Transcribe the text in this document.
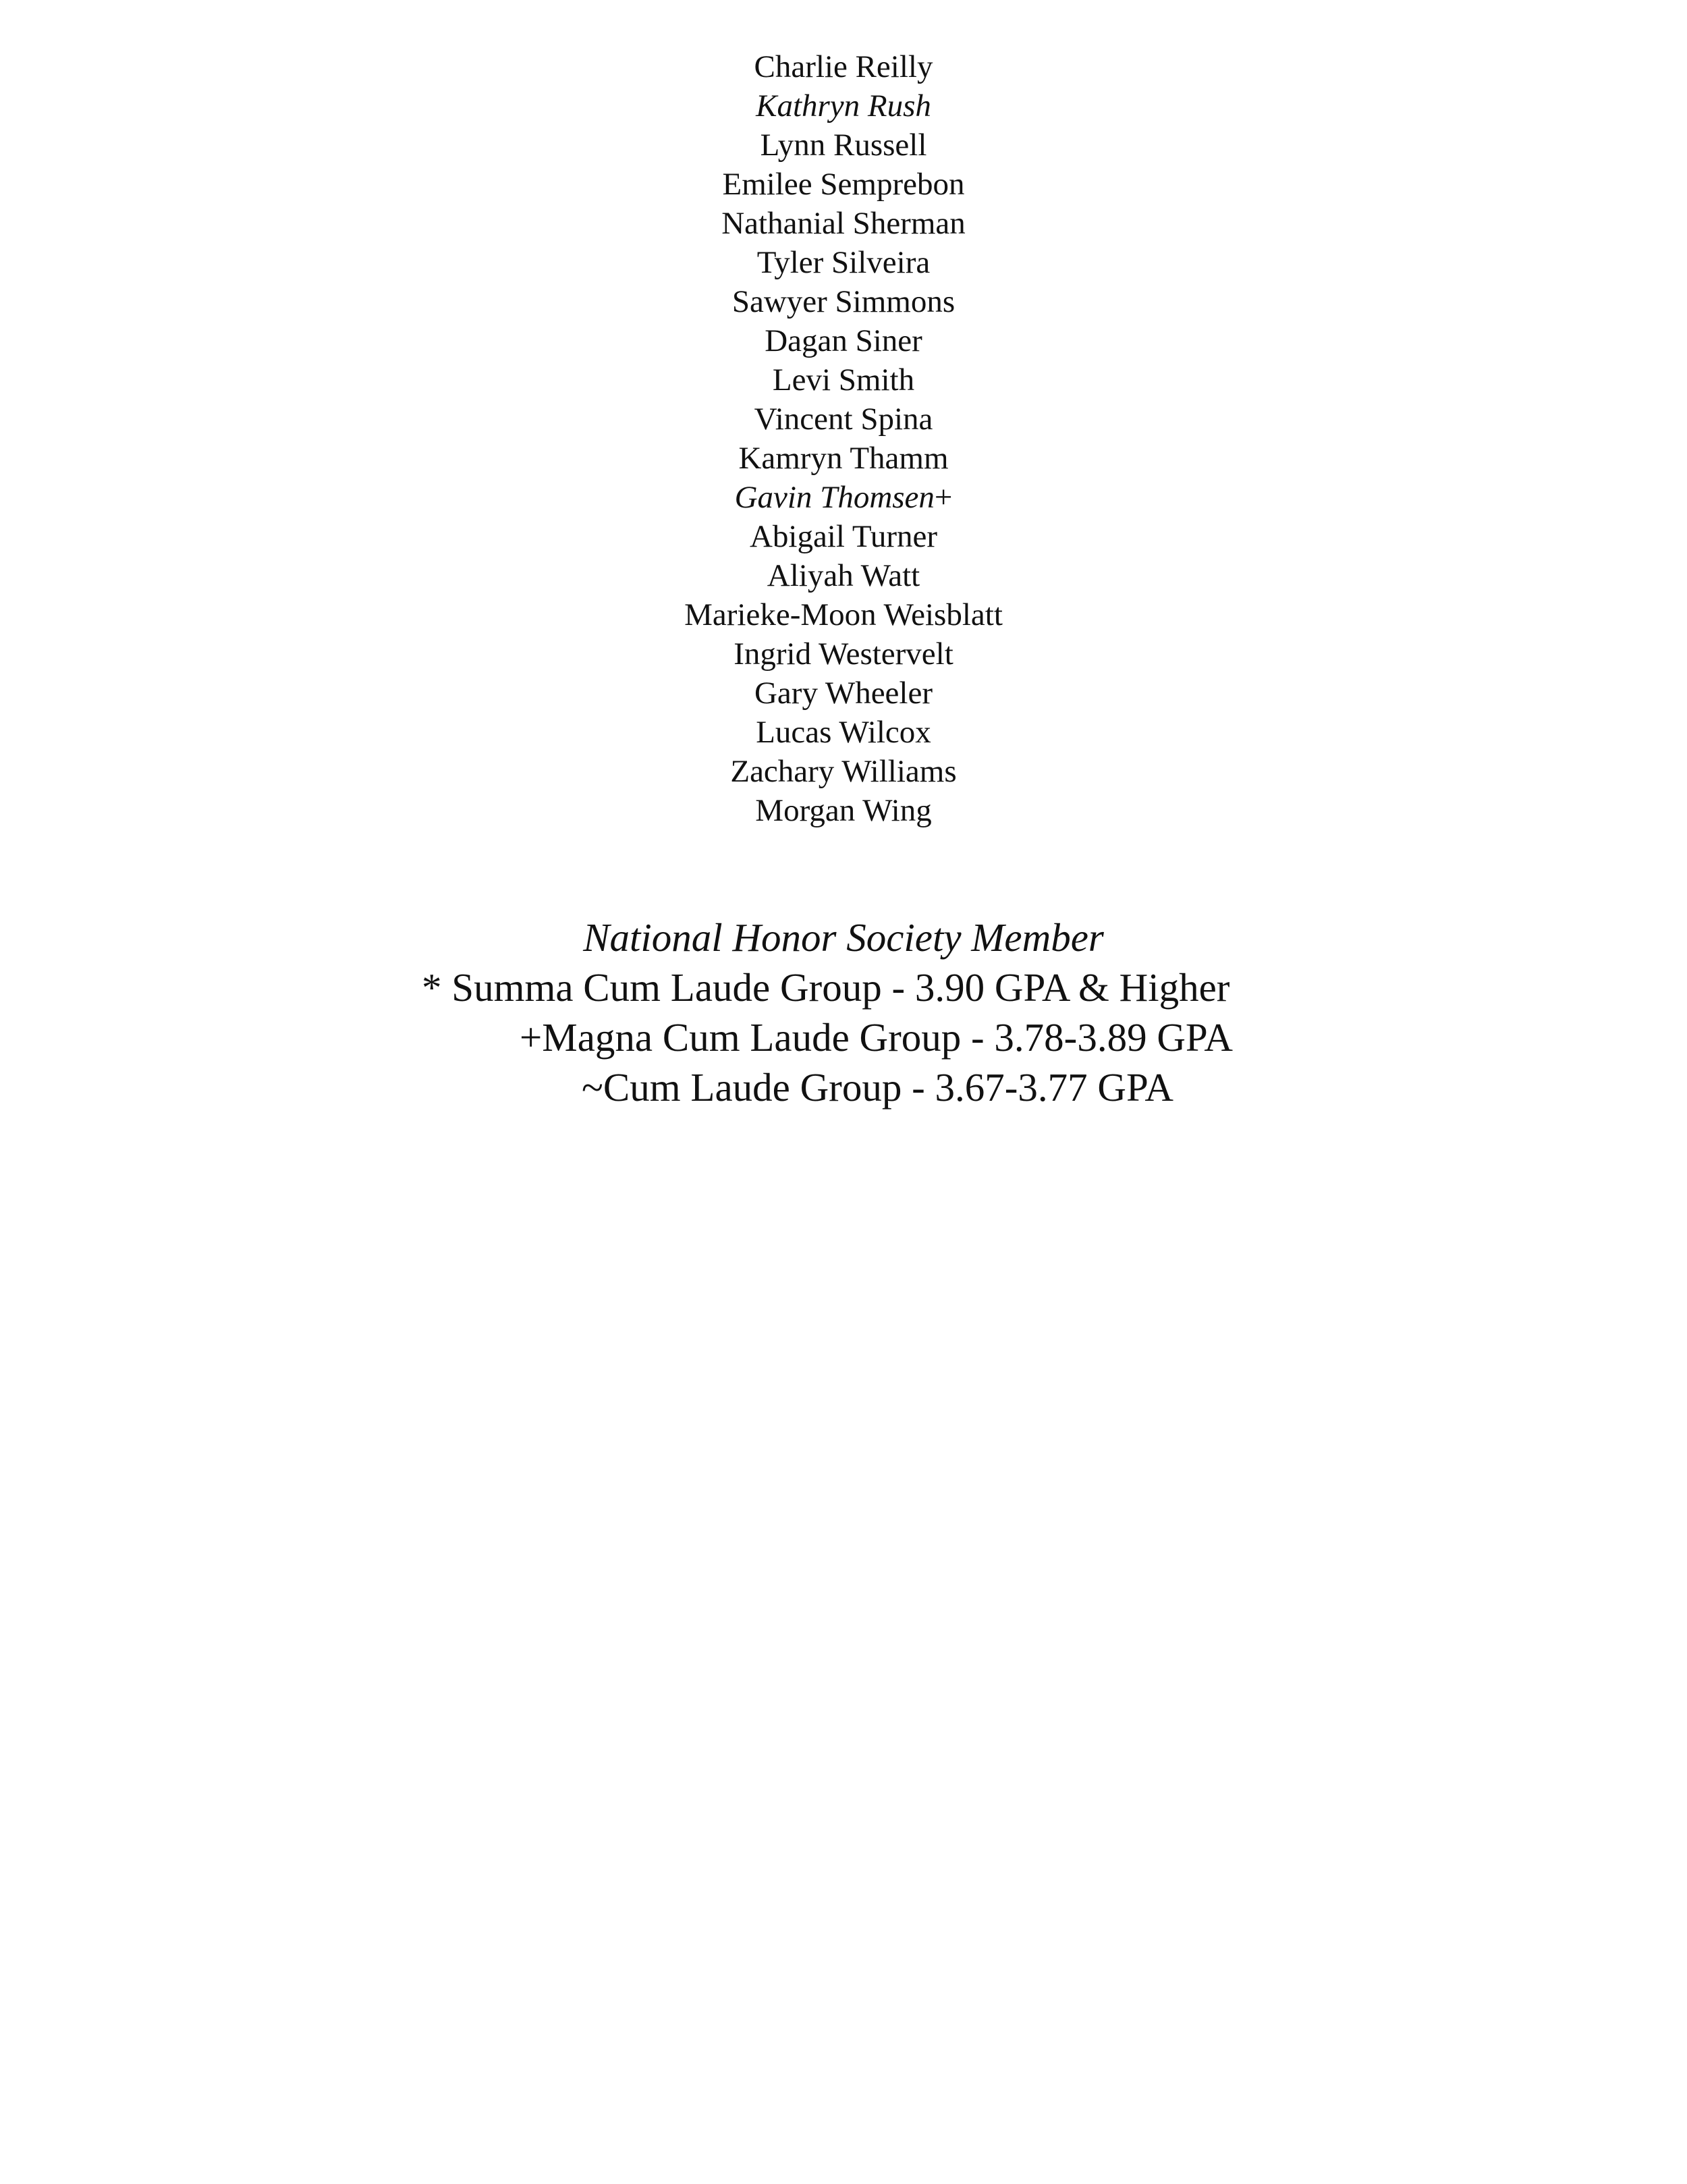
Charlie Reilly
Kathryn Rush
Lynn Russell
Emilee Semprebon
Nathanial Sherman
Tyler Silveira
Sawyer Simmons
Dagan Siner
Levi Smith
Vincent Spina
Kamryn Thamm
Gavin Thomsen+
Abigail Turner
Aliyah Watt
Marieke-Moon Weisblatt
Ingrid Westervelt
Gary Wheeler
Lucas Wilcox
Zachary Williams
Morgan Wing
National Honor Society Member
* Summa Cum Laude Group - 3.90 GPA & Higher
+Magna Cum Laude Group - 3.78-3.89 GPA
~Cum Laude Group - 3.67-3.77 GPA
